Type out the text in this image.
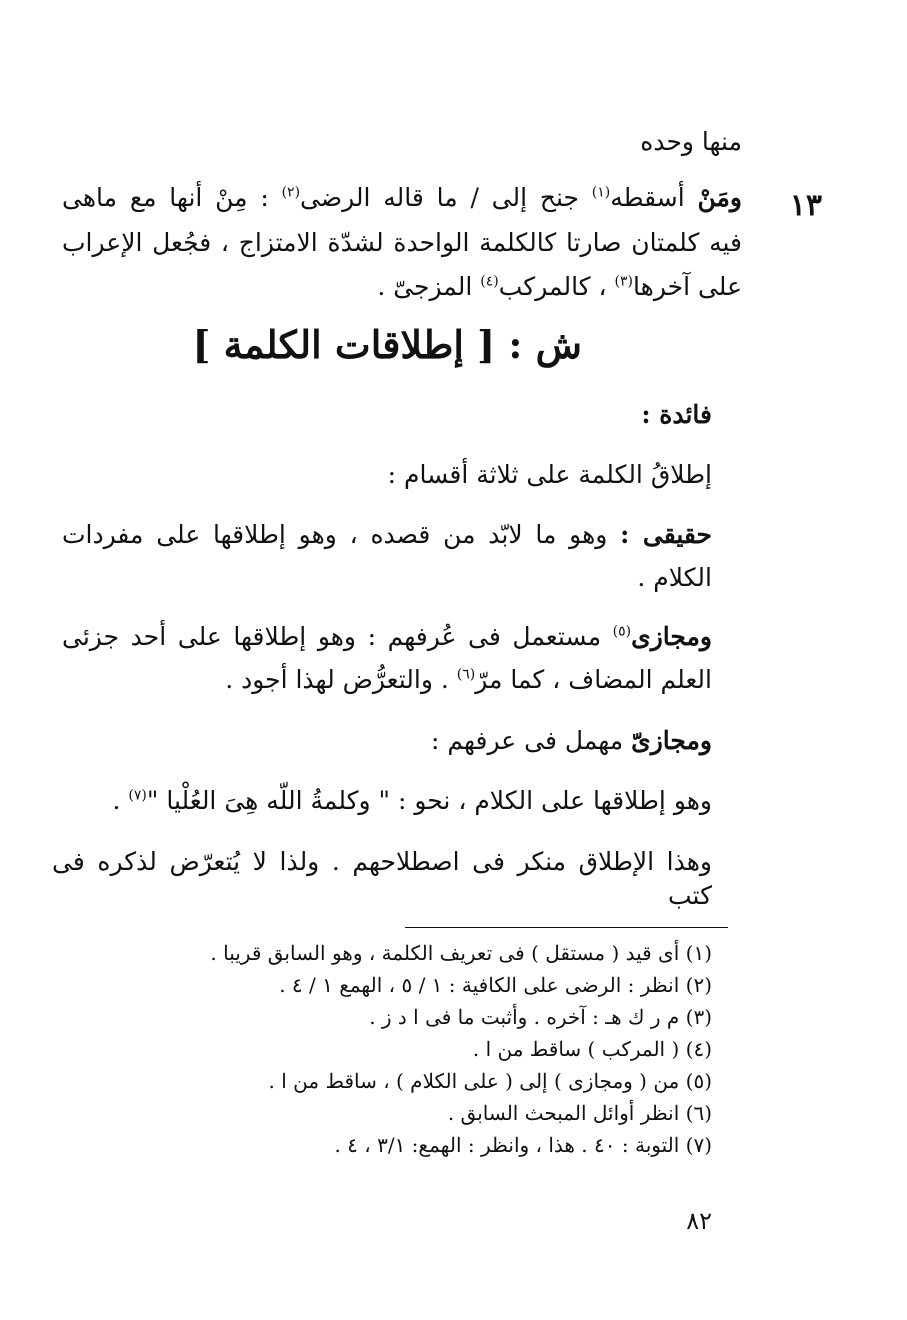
منها وحده
١٣
ومَنْ أسقطه$^{(١)}$ جنح إلى / ما قاله الرضى$^{(٢)}$ : مِنْ أنها مع ماهى
فيه كلمتان صارتا كالكلمة الواحدة لشدّة الامتزاج ، فجُعل الإعراب
على آخرها$^{(٣)}$ ، كالمركب$^{(٤)}$ المزجىّ .
ش : [ إطلاقات الكلمة ]
فائدة :
إطلاقُ الكلمة على ثلاثة أقسام :
حقيقى : وهو ما لابّد من قصده ، وهو إطلاقها على مفردات
الكلام .
ومجازى$^{(٥)}$ مستعمل فى عُرفهم : وهو إطلاقها على أحد جزئى
العلم المضاف ، كما مرّ$^{(٦)}$ . والتعرُّض لهذا أجود .
ومجازىّ مهمل فى عرفهم :
وهو إطلاقها على الكلام ، نحو : " وكلمةُ اللّه هِىَ العُلْيا "$^{(٧)}$ .
وهذا الإطلاق منكر فى اصطلاحهم . ولذا لا يُتعرّض لذكره فى كتب
(١) أى قيد ( مستقل ) فى تعريف الكلمة ، وهو السابق قريبا .
(٢) انظر : الرضى على الكافية : ١ / ٥ ، الهمع ١ / ٤ .
(٣) م ر ك هـ : آخره . وأثبت ما فى ا د ز .
(٤) ( المركب ) ساقط من ا .
(٥) من ( ومجازى ) إلى ( على الكلام ) ، ساقط من ا .
(٦) انظر أوائل المبحث السابق .
(٧) التوبة : ٤٠ . هذا ، وانظر : الهمع: ٣/١ ، ٤ .
٨٢
